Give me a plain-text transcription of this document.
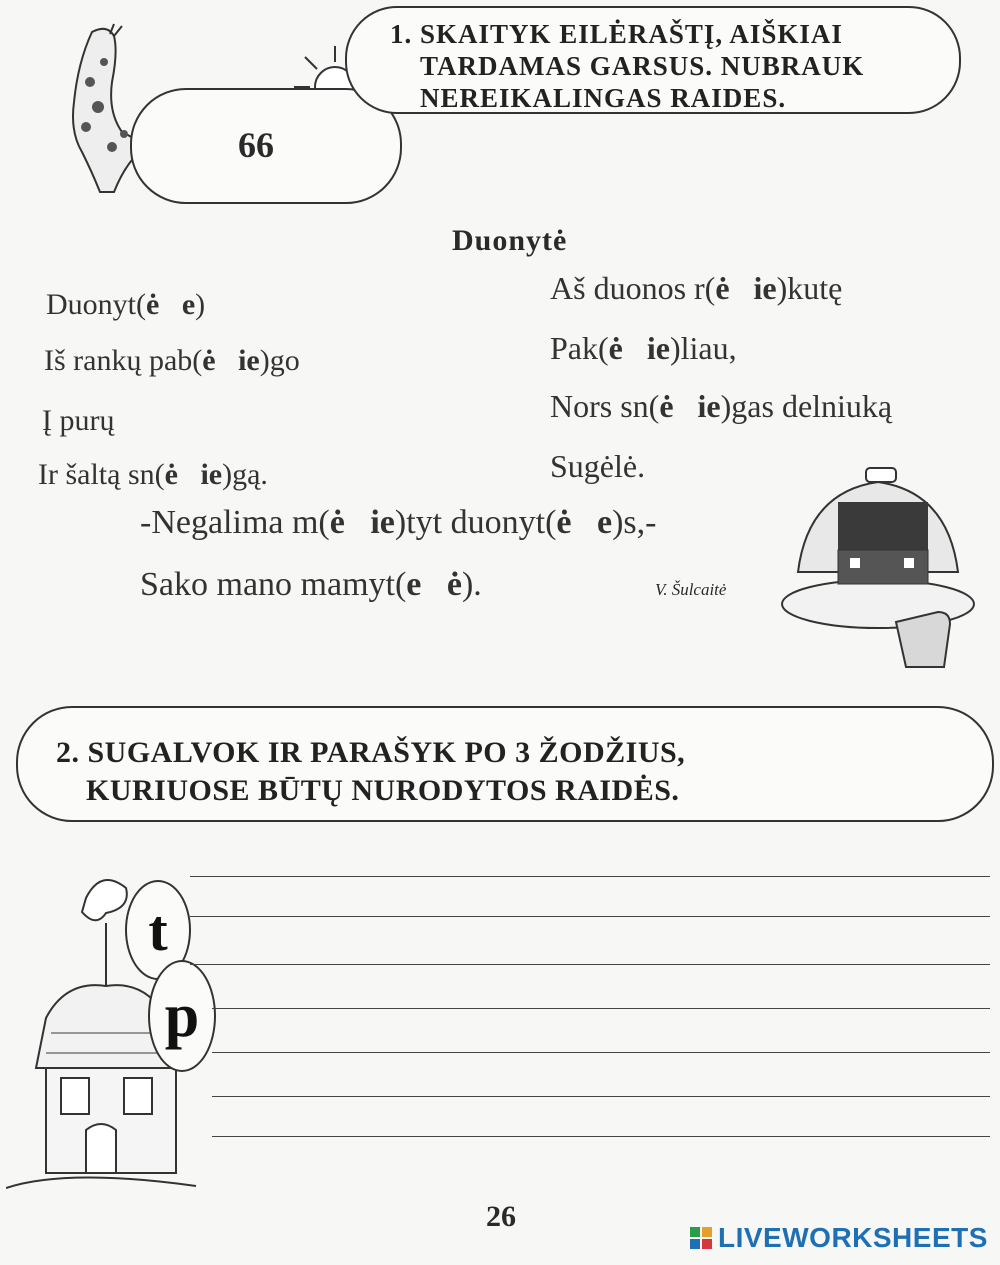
66
1. SKAITYK EILĖRAŠTĮ, AIŠKIAI
TARDAMAS GARSUS. NUBRAUK
NEREIKALINGAS RAIDES.
Duonytė
Duonyt(ė   e)
Iš rankų pab(ė   ie)go
Į purų
Ir šaltą sn(ė   ie)gą.
Aš duonos r(ė   ie)kutę
Pak(ė   ie)liau,
Nors sn(ė   ie)gas delniuką
Sugėlė.
-Negalima m(ė   ie)tyt duonyt(ė   e)s,-
Sako mano mamyt(e   ė).	V. Šulcaitė
2. SUGALVOK IR PARAŠYK PO 3 ŽODŽIUS,
KURIUOSE BŪTŲ NURODYTOS RAIDĖS.
t
p
26
LIVEWORKSHEETS
